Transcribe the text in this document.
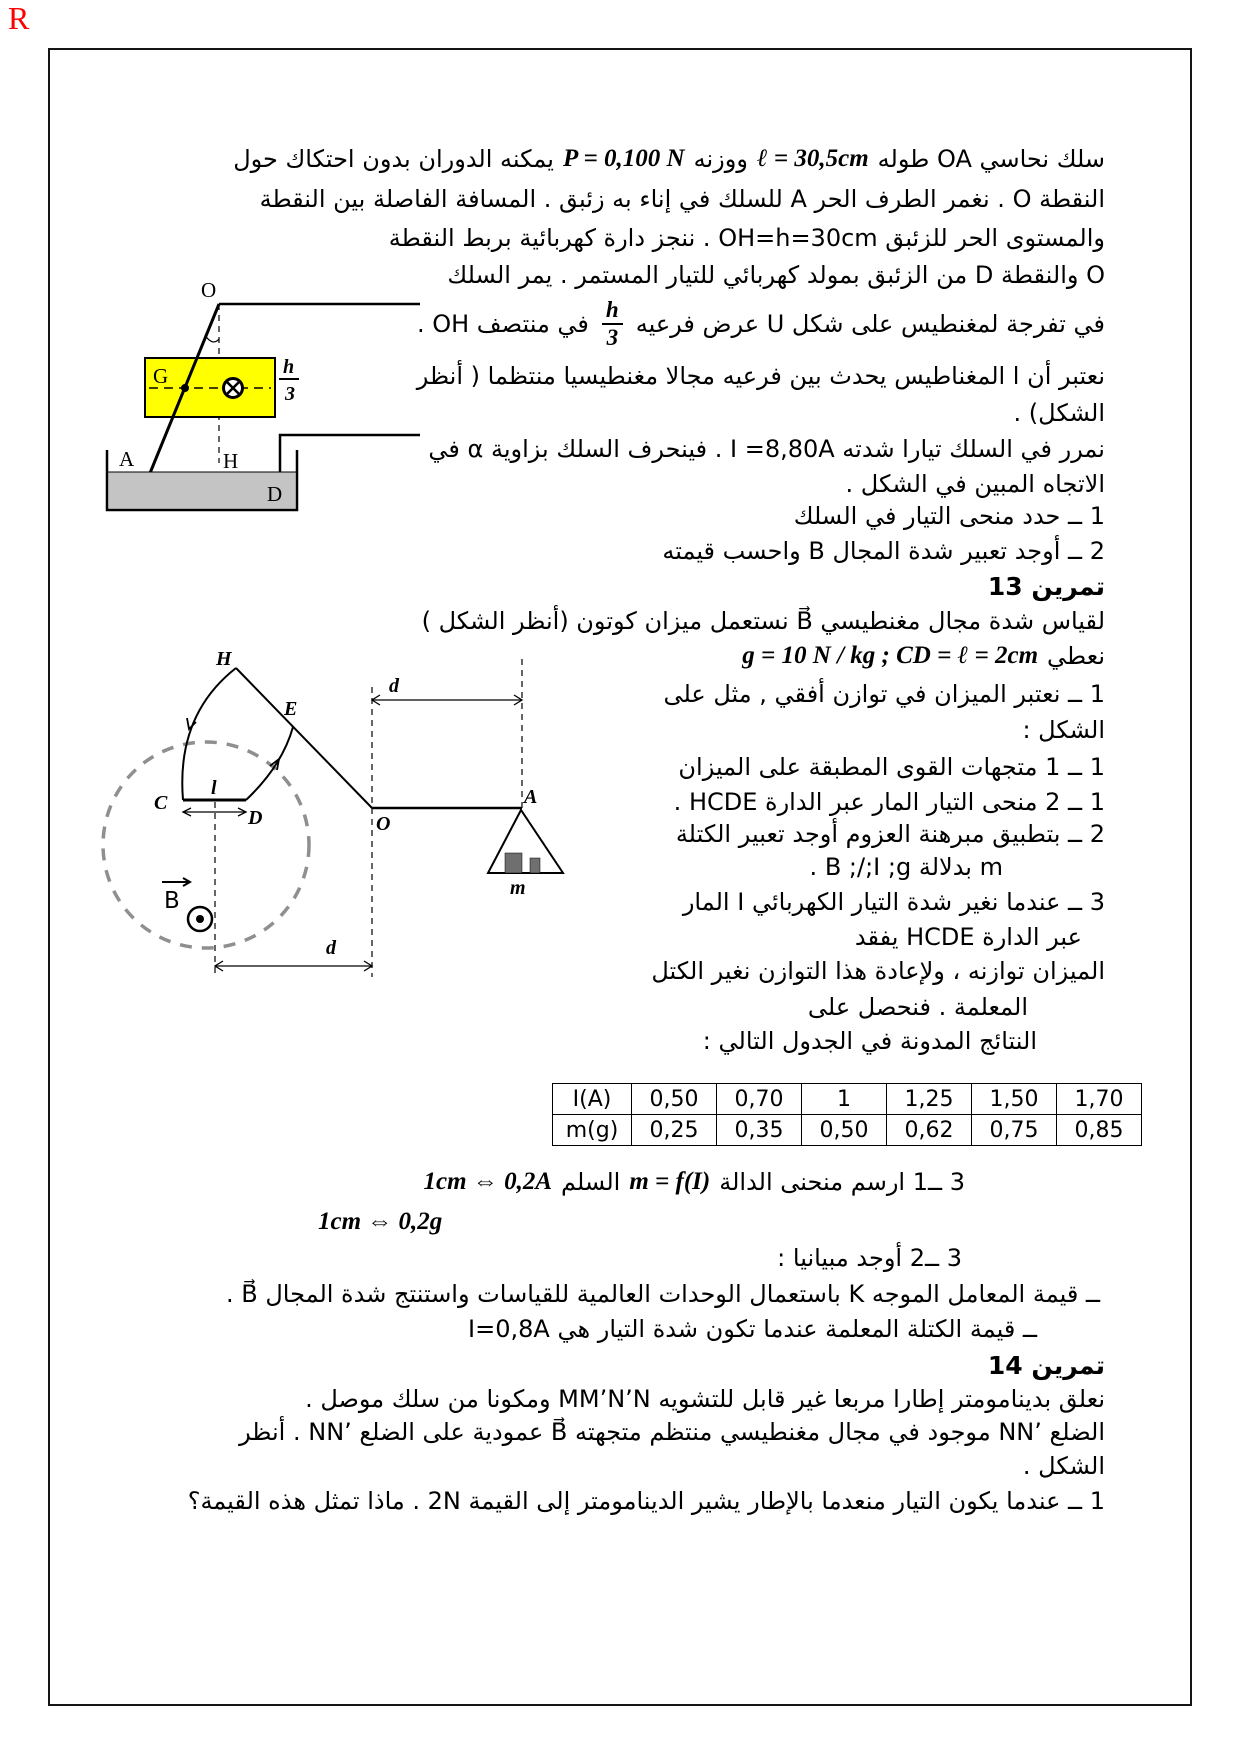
R
سلك نحاسي OA طوله
ℓ = 30,5cm
ووزنه
P = 0,100 N
يمكنه الدوران بدون احتكاك حول
النقطة O . نغمر الطرف الحر A للسلك في إناء به زئبق . المسافة الفاصلة بين النقطة
والمستوى الحر للزئبق OH=h=30cm . ننجز دارة كهربائية بربط النقطة
O والنقطة D من الزئبق بمولد كهربائي للتيار المستمر . يمر السلك
في تفرجة لمغنطيس على شكل U عرض فرعيه
$\frac{h}{3}$
في منتصف OH .
نعتبر أن ا المغناطيس يحدث بين فرعيه مجالا مغنطيسيا منتظما ( أنظر
الشكل) .
نمرر في السلك تيارا شدته I =8,80A . فينحرف السلك بزاوية α في
الاتجاه المبين في الشكل .
1 ــ حدد منحى التيار في السلك
2 ــ أوجد تعبير شدة المجال B واحسب قيمته
O
G	h
3
A	H
D
تمرين 13
لقياس شدة مجال مغنطيسي B⃗ نستعمل ميزان كوتون (أنظر الشكل )
نعطي
g = 10 N / kg ; CD = ℓ = 2cm
1 ــ نعتبر الميزان في توازن أفقي , مثل على
الشكل :
1 ــ 1 متجهات القوى المطبقة على الميزان
1 ــ 2 منحى التيار المار عبر الدارة HCDE .
2 ــ بتطبيق مبرهنة العزوم أوجد تعبير الكتلة
m بدلالة B ;/;I ;g .
3 ــ عندما نغير شدة التيار الكهربائي I المار
عبر الدارة HCDE يفقد
الميزان توازنه ، ولإعادة هذا التوازن نغير الكتل
المعلمة . فنحصل على
النتائج المدونة في الجدول التالي :
H
E
C
D
l
O
A
d
d
B	m
I(A)	0,50	0,70	1	1,25	1,50	1,70
m(g)	0,25	0,35	0,50	0,62	0,75	0,85
3 ــ1 ارسم منحنى الدالة
m = f(I)
السلم
1cm ⇔ 0,2A
1cm ⇔ 0,2g
3 ــ2 أوجد مبيانيا :
ــ قيمة المعامل الموجه K باستعمال الوحدات العالمية للقياسات واستنتج شدة المجال B⃗ .
ــ قيمة الكتلة المعلمة عندما تكون شدة التيار هي I=0,8A
تمرين 14
نعلق بدينامومتر إطارا مربعا غير قابل للتشويه MM’N’N ومكونا من سلك موصل .
الضلع NN’‎ موجود في مجال مغنطيسي منتظم متجهته B⃗ عمودية على الضلع NN’‎ . أنظر
الشكل .
1 ــ عندما يكون التيار منعدما بالإطار يشير الدينامومتر إلى القيمة 2N . ماذا تمثل هذه القيمة؟
